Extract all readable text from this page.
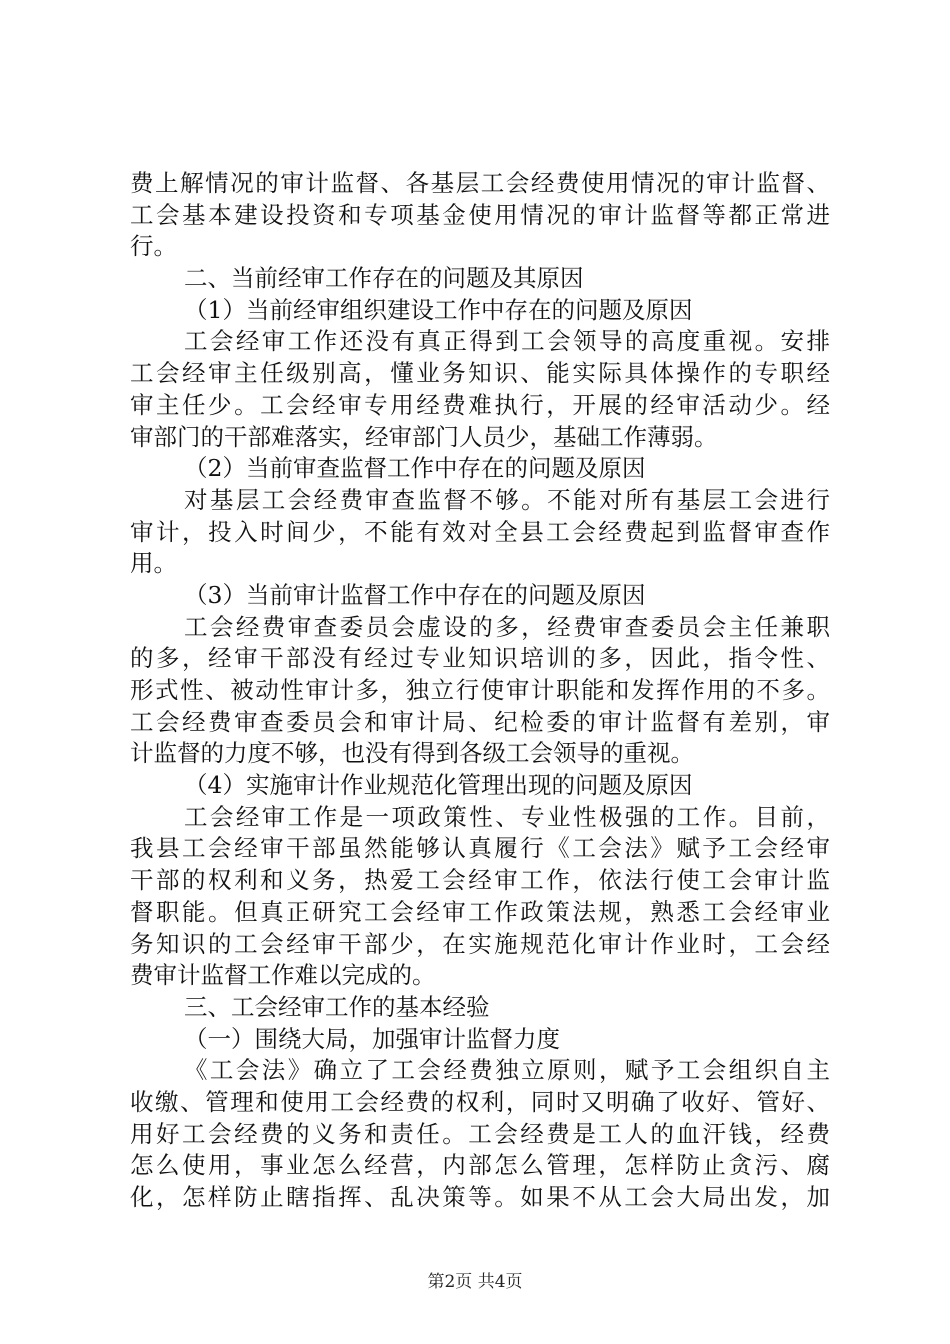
费上解情况的审计监督、各基层工会经费使用情况的审计监督、
工会基本建设投资和专项基金使用情况的审计监督等都正常进
行。
二、当前经审工作存在的问题及其原因
（1）当前经审组织建设工作中存在的问题及原因
工会经审工作还没有真正得到工会领导的高度重视。安排
工会经审主任级别高，懂业务知识、能实际具体操作的专职经
审主任少。工会经审专用经费难执行，开展的经审活动少。经
审部门的干部难落实，经审部门人员少，基础工作薄弱。
（2）当前审查监督工作中存在的问题及原因
对基层工会经费审查监督不够。不能对所有基层工会进行
审计，投入时间少，不能有效对全县工会经费起到监督审查作
用。
（3）当前审计监督工作中存在的问题及原因
工会经费审查委员会虚设的多，经费审查委员会主任兼职
的多，经审干部没有经过专业知识培训的多，因此，指令性、
形式性、被动性审计多，独立行使审计职能和发挥作用的不多。
工会经费审查委员会和审计局、纪检委的审计监督有差别，审
计监督的力度不够，也没有得到各级工会领导的重视。
（4）实施审计作业规范化管理出现的问题及原因
工会经审工作是一项政策性、专业性极强的工作。目前，
我县工会经审干部虽然能够认真履行《工会法》赋予工会经审
干部的权利和义务，热爱工会经审工作，依法行使工会审计监
督职能。但真正研究工会经审工作政策法规，熟悉工会经审业
务知识的工会经审干部少，在实施规范化审计作业时，工会经
费审计监督工作难以完成的。
三、工会经审工作的基本经验
（一）围绕大局，加强审计监督力度
《工会法》确立了工会经费独立原则，赋予工会组织自主
收缴、管理和使用工会经费的权利，同时又明确了收好、管好、
用好工会经费的义务和责任。工会经费是工人的血汗钱，经费
怎么使用，事业怎么经营，内部怎么管理，怎样防止贪污、腐
化，怎样防止瞎指挥、乱决策等。如果不从工会大局出发，加
第2页 共4页
